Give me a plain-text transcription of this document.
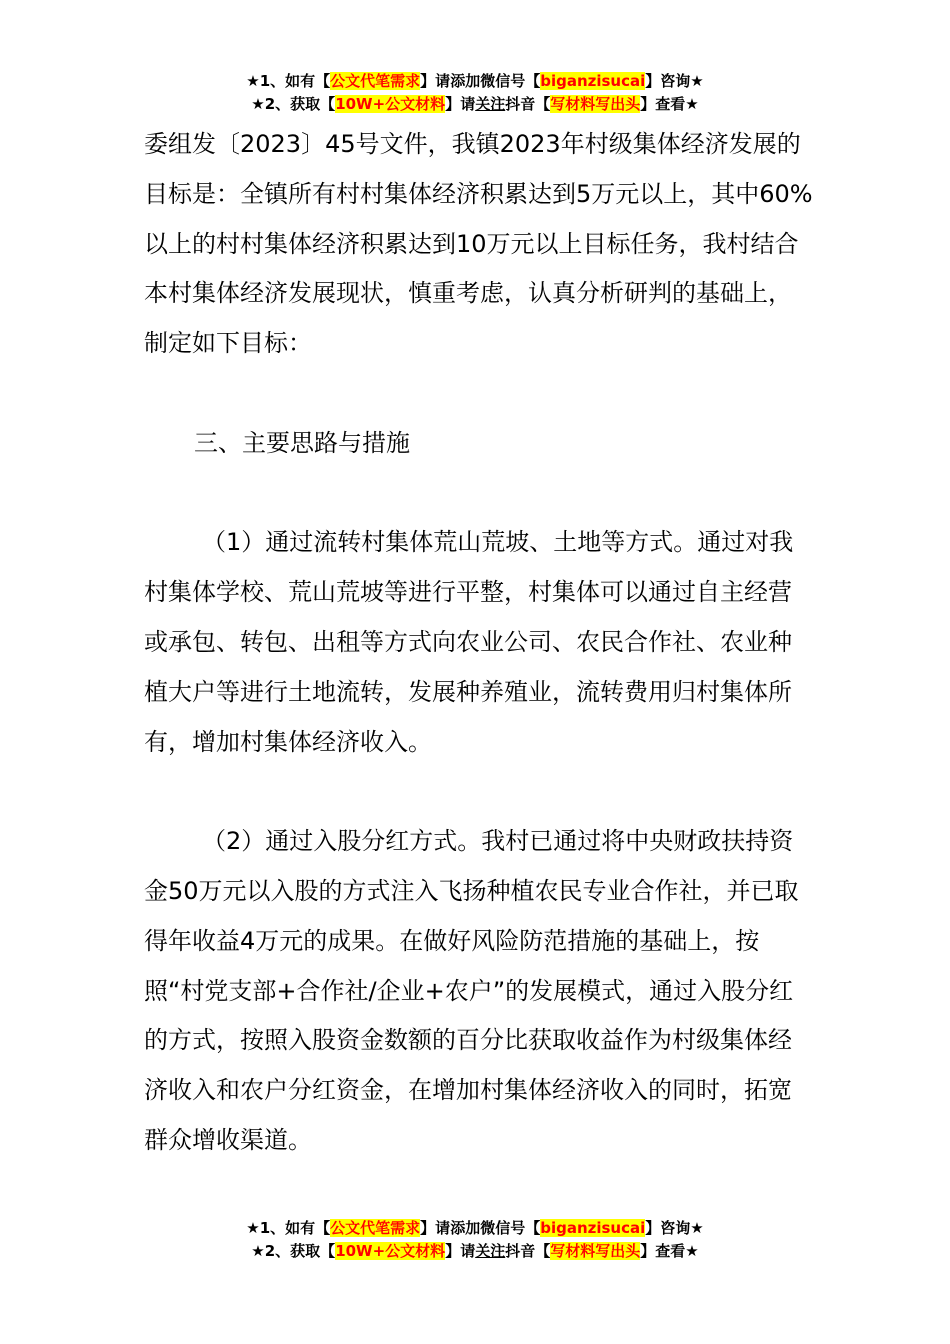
★1、如有【公文代笔需求】请添加微信号【biganzisucai】咨询★
★2、获取【10W+公文材料】请关注抖音【写材料写出头】查看★

委组发〔2023〕45号文件，我镇2023年村级集体经济发展的目标是：全镇所有村村集体经济积累达到5万元以上，其中60%以上的村村集体经济积累达到10万元以上目标任务，我村结合本村集体经济发展现状，慎重考虑，认真分析研判的基础上，制定如下目标：

三、主要思路与措施

（1）通过流转村集体荒山荒坡、土地等方式。通过对我村集体学校、荒山荒坡等进行平整，村集体可以通过自主经营或承包、转包、出租等方式向农业公司、农民合作社、农业种植大户等进行土地流转，发展种养殖业，流转费用归村集体所有，增加村集体经济收入。

（2）通过入股分红方式。我村已通过将中央财政扶持资金50万元以入股的方式注入飞扬种植农民专业合作社，并已取得年收益4万元的成果。在做好风险防范措施的基础上，按照“村党支部+合作社/企业+农户”的发展模式，通过入股分红的方式，按照入股资金数额的百分比获取收益作为村级集体经济收入和农户分红资金，在增加村集体经济收入的同时，拓宽群众增收渠道。

★1、如有【公文代笔需求】请添加微信号【biganzisucai】咨询★
★2、获取【10W+公文材料】请关注抖音【写材料写出头】查看★
